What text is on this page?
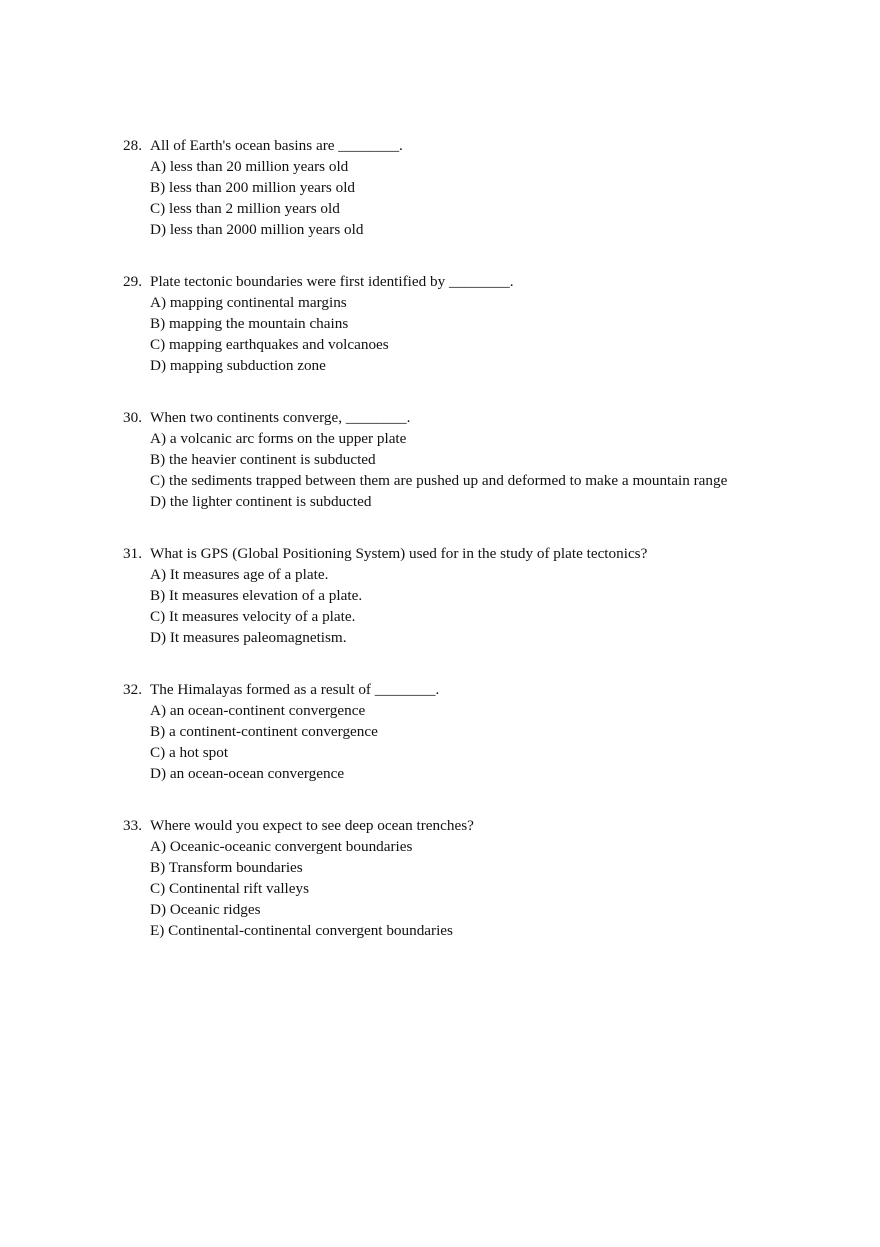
28. All of Earth's ocean basins are ________.

A) less than 20 million years old
B) less than 200 million years old
C) less than 2 million years old
D) less than 2000 million years old

29. Plate tectonic boundaries were first identified by ________.

A) mapping continental margins
B) mapping the mountain chains
C) mapping earthquakes and volcanoes
D) mapping subduction zone

30. When two continents converge, ________.

A) a volcanic arc forms on the upper plate
B) the heavier continent is subducted
C) the sediments trapped between them are pushed up and deformed to make a mountain range
D) the lighter continent is subducted

31. What is GPS (Global Positioning System) used for in the study of plate tectonics?

A) It measures age of a plate.
B) It measures elevation of a plate.
C) It measures velocity of a plate.
D) It measures paleomagnetism.

32. The Himalayas formed as a result of ________.

A) an ocean-continent convergence
B) a continent-continent convergence
C) a hot spot
D) an ocean-ocean convergence

33. Where would you expect to see deep ocean trenches?

A) Oceanic-oceanic convergent boundaries
B) Transform boundaries
C) Continental rift valleys
D) Oceanic ridges
E) Continental-continental convergent boundaries
